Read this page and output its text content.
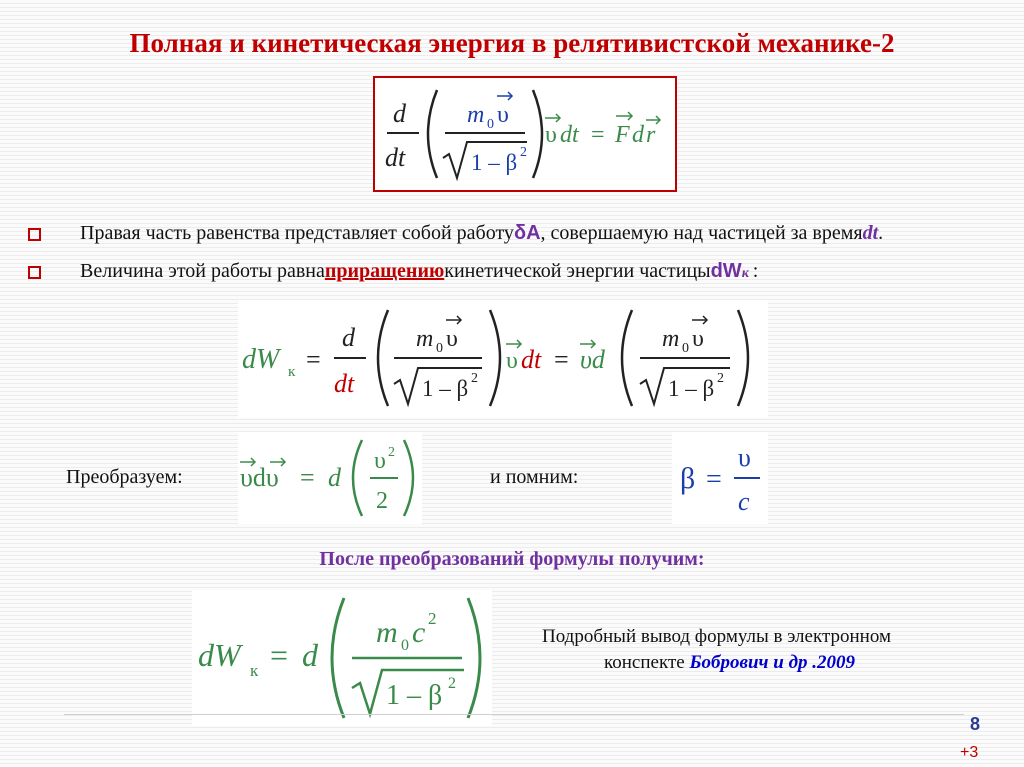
Полная и кинетическая энергия в релятивистской механике-2
d
dt
m 0 υ
1 – β 2
υ dt = F d r
Правая часть равенства представляет собой работу δA , совершаемую над частицей за время dt .
Величина этой работы равна приращению кинетической энергии частицы dW к :
dW к =
d
dt
m 0 υ
1 – β 2
υ dt = υd
m 0 υ
1 – β 2
Преобразуем: υdυ = d
υ 2
2
и помним:	β =
υ
c
После преобразований формулы получим:
dW к = d
m 0 c 2
1 – β 2
Подробный вывод формулы в электронном
конспекте Бобрович и др .2009
8
+3
